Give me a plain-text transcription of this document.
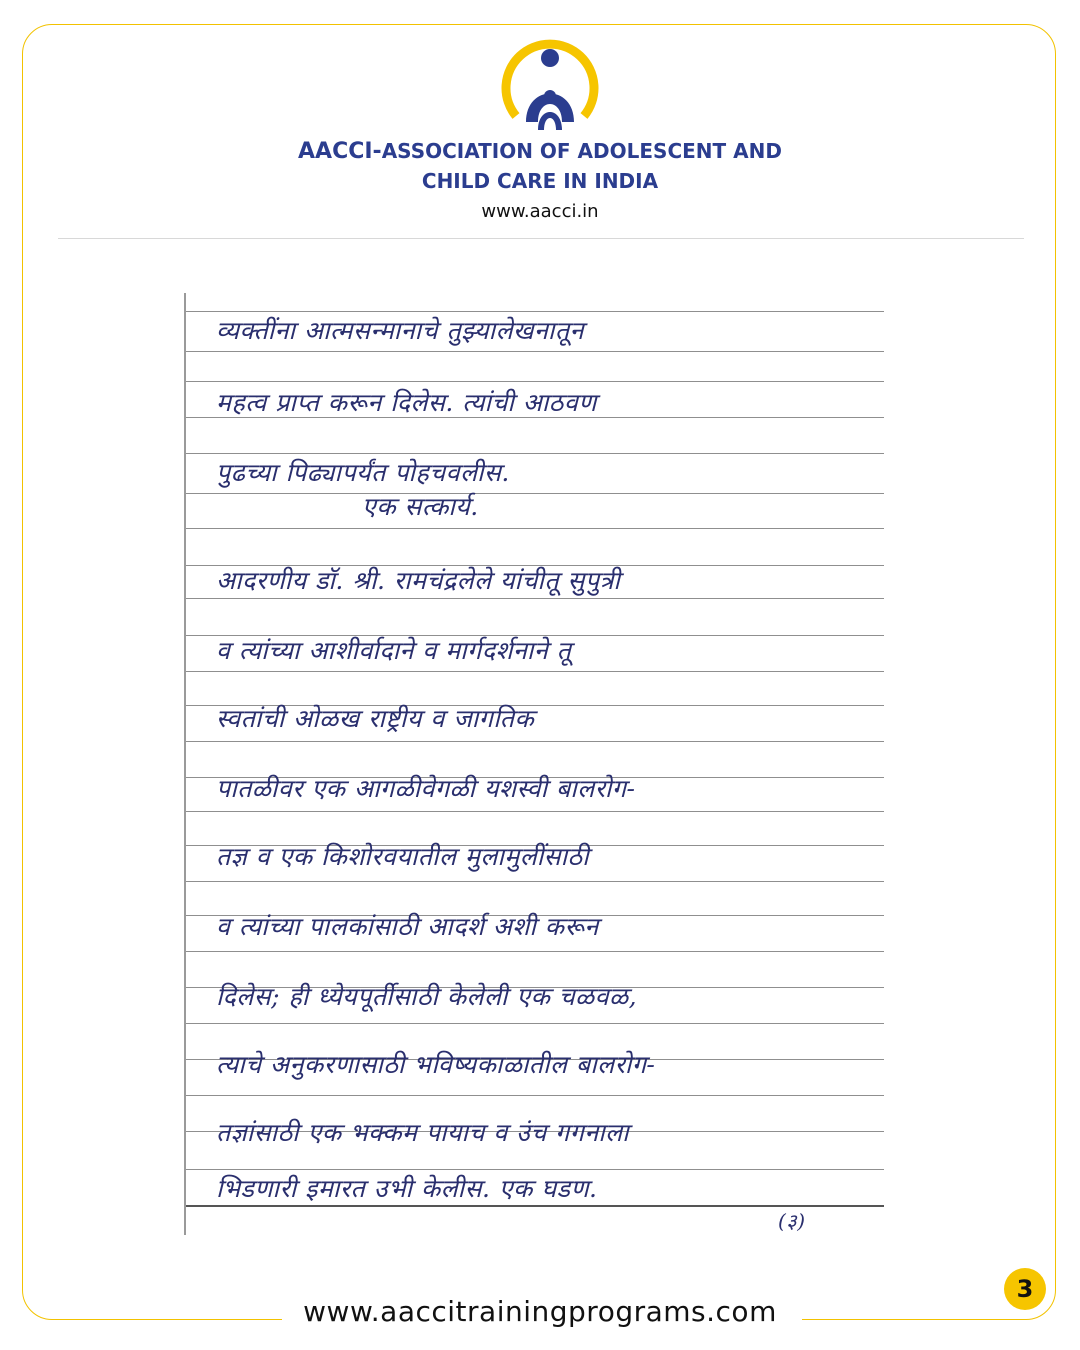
AACCI-ASSOCIATION OF ADOLESCENT AND
CHILD CARE IN INDIA
www.aacci.in
व्यक्तींना आत्मसन्मानाचे तुझ्यालेखनातून
महत्व प्राप्त करून दिलेस. त्यांची आठवण
पुढच्या पिढ्यापर्यंत पोहचवलीस.
एक सत्कार्य.
आदरणीय डॉ. श्री. रामचंद्रलेले यांचीतू सुपुत्री
व त्यांच्या आशीर्वादाने व मार्गदर्शनाने तू
स्वतांची ओळख राष्ट्रीय व जागतिक
पातळीवर एक आगळीवेगळी यशस्वी बालरोग-
तज्ञ व एक किशोरवयातील मुलामुलींसाठी
व त्यांच्या पालकांसाठी आदर्श अशी करून
दिलेस; ही ध्येयपूर्तीसाठी केलेली एक चळवळ,
त्याचे अनुकरणासाठी भविष्यकाळातील बालरोग-
तज्ञांसाठी एक भक्कम पायाच व उंच गगनाला
भिडणारी इमारत उभी केलीस. एक घडण.
(३)
www.aaccitrainingprograms.com
3
